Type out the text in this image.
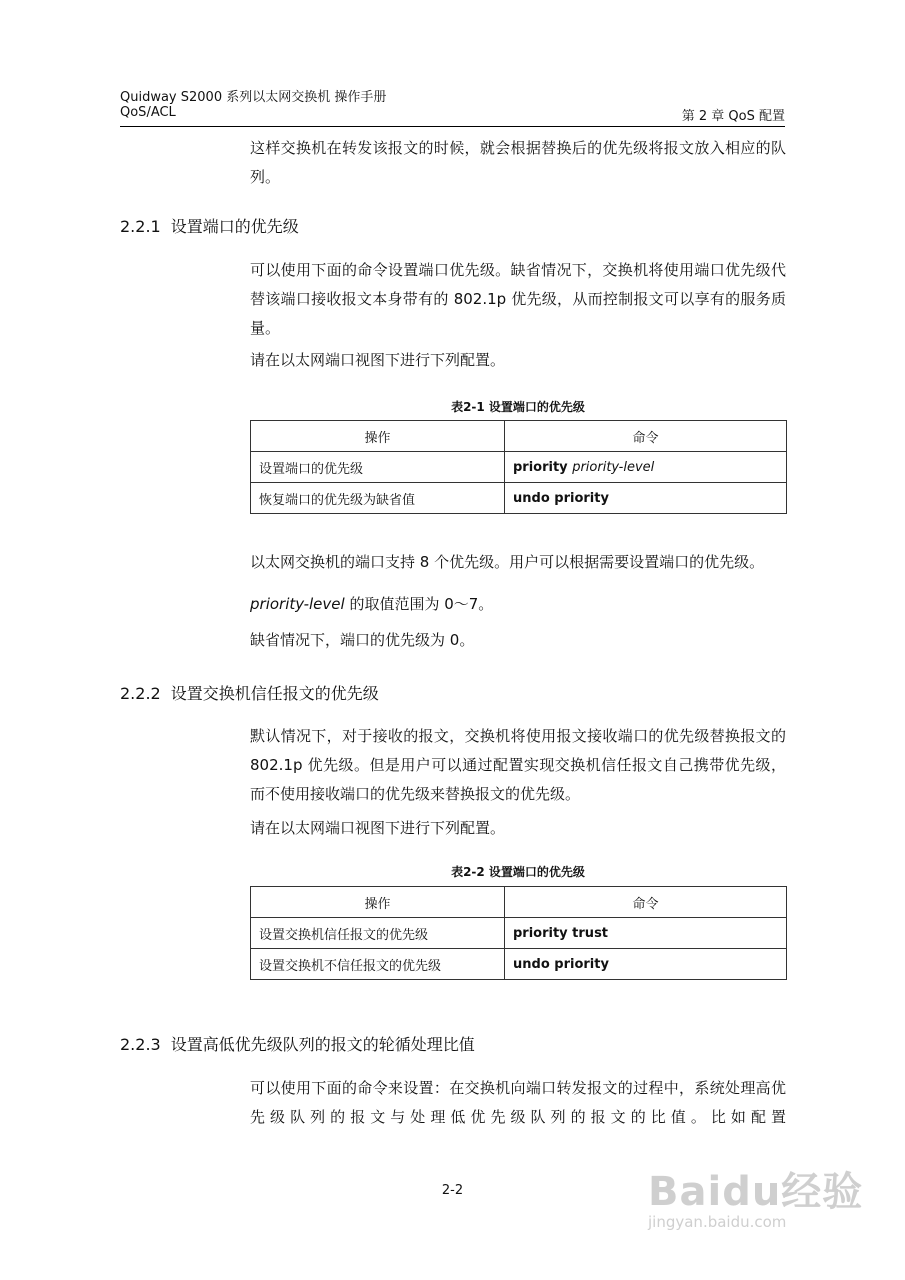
Quidway S2000 系列以太网交换机 操作手册
QoS/ACL	第 2 章 QoS 配置

这样交换机在转发该报文的时候，就会根据替换后的优先级将报文放入相应的队列。

2.2.1 设置端口的优先级

可以使用下面的命令设置端口优先级。缺省情况下，交换机将使用端口优先级代替该端口接收报文本身带有的 802.1p 优先级，从而控制报文可以享有的服务质量。

请在以太网端口视图下进行下列配置。

表2-1 设置端口的优先级

操作	命令
设置端口的优先级	priority priority-level
恢复端口的优先级为缺省值	undo priority

以太网交换机的端口支持 8 个优先级。用户可以根据需要设置端口的优先级。

priority-level 的取值范围为 0～7。

缺省情况下，端口的优先级为 0。

2.2.2 设置交换机信任报文的优先级

默认情况下，对于接收的报文，交换机将使用报文接收端口的优先级替换报文的 802.1p 优先级。但是用户可以通过配置实现交换机信任报文自己携带优先级，而不使用接收端口的优先级来替换报文的优先级。

请在以太网端口视图下进行下列配置。

表2-2 设置端口的优先级

操作	命令
设置交换机信任报文的优先级	priority trust
设置交换机不信任报文的优先级	undo priority
2.2.3 设置高低优先级队列的报文的轮循处理比值

可以使用下面的命令来设置：在交换机向端口转发报文的过程中，系统处理高优先级队列的报文与处理低优先级队列的报文的比值。比如配置

2-2	Baidu经验
jingyan.baidu.com
